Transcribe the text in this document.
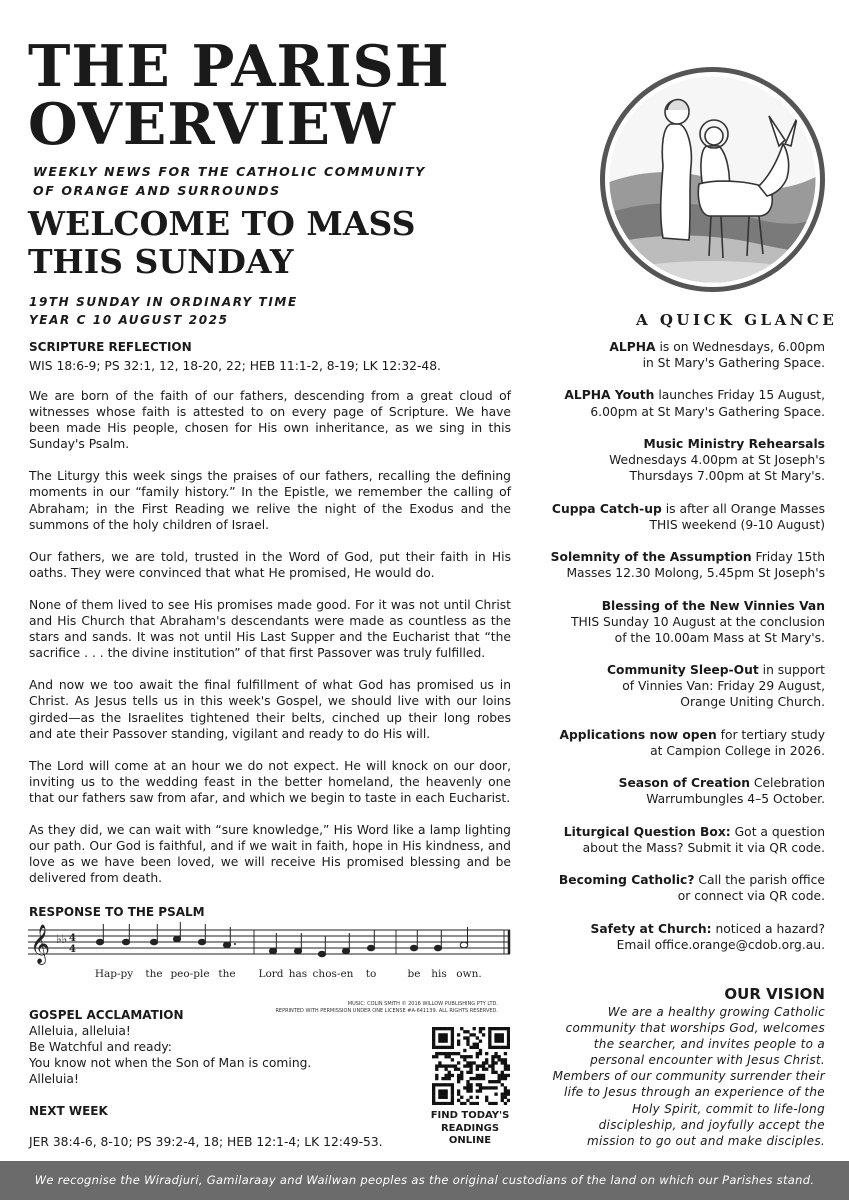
THE PARISH
OVERVIEW
WEEKLY NEWS FOR THE CATHOLIC COMMUNITY
OF ORANGE AND SURROUNDS
WELCOME TO MASS
THIS SUNDAY
19TH SUNDAY IN ORDINARY TIME
YEAR C 10 AUGUST 2025
SCRIPTURE REFLECTION
WIS 18:6-9; PS 32:1, 12, 18-20, 22; HEB 11:1-2, 8-19; LK 12:32-48.

We are born of the faith of our fathers, descending from a great cloud of witnesses whose faith is attested to on every page of Scripture. We have been made His people, chosen for His own inheritance, as we sing in this Sunday's Psalm.

The Liturgy this week sings the praises of our fathers, recalling the defining moments in our “family history.” In the Epistle, we remember the calling of Abraham; in the First Reading we relive the night of the Exodus and the summons of the holy children of Israel.

Our fathers, we are told, trusted in the Word of God, put their faith in His oaths. They were convinced that what He promised, He would do.

None of them lived to see His promises made good. For it was not until Christ and His Church that Abraham's descendants were made as countless as the stars and sands. It was not until His Last Supper and the Eucharist that “the sacrifice . . . the divine institution” of that first Passover was truly fulfilled.

And now we too await the final fulfillment of what God has promised us in Christ. As Jesus tells us in this week's Gospel, we should live with our loins girded—as the Israelites tightened their belts, cinched up their long robes and ate their Passover standing, vigilant and ready to do His will.

The Lord will come at an hour we do not expect. He will knock on our door, inviting us to the wedding feast in the better homeland, the heavenly one that our fathers saw from afar, and which we begin to taste in each Eucharist.

As they did, we can wait with “sure knowledge,” His Word like a lamp lighting our path. Our God is faithful, and if we wait in faith, hope in His kindness, and love as we have been loved, we will receive His promised blessing and be delivered from death.

RESPONSE TO THE PSALM
𝄞 ♭♭ 4
4
Hap-py the peo-ple the Lord has chos-en to	be his own.
MUSIC: COLIN SMITH © 2016 WILLOW PUBLISHING PTY LTD.
REPRINTED WITH PERMISSION UNDER ONE LICENSE #A-641139. ALL RIGHTS RESERVED.
GOSPEL ACCLAMATION
Alleluia, alleluia!
Be Watchful and ready:
You know not when the Son of Man is coming.
Alleluia!
NEXT WEEK
JER 38:4-6, 8-10; PS 39:2-4, 18; HEB 12:1-4; LK 12:49-53.
FIND TODAY'S
READINGS
ONLINE
A QUICK GLANCE
ALPHA is on Wednesdays, 6.00pm
in St Mary's Gathering Space.
ALPHA Youth launches Friday 15 August,
6.00pm at St Mary's Gathering Space.
Music Ministry Rehearsals
Wednesdays 4.00pm at St Joseph's
Thursdays 7.00pm at St Mary's.
Cuppa Catch-up is after all Orange Masses
THIS weekend (9-10 August)
Solemnity of the Assumption Friday 15th
Masses 12.30 Molong, 5.45pm St Joseph's
Blessing of the New Vinnies Van
THIS Sunday 10 August at the conclusion
of the 10.00am Mass at St Mary's.
Community Sleep-Out in support
of Vinnies Van: Friday 29 August,
Orange Uniting Church.
Applications now open for tertiary study
at Campion College in 2026.
Season of Creation Celebration
Warrumbungles 4–5 October.
Liturgical Question Box: Got a question
about the Mass? Submit it via QR code.
Becoming Catholic? Call the parish office
or connect via QR code.
Safety at Church: noticed a hazard?
Email office.orange@cdob.org.au.
OUR VISION
We are a healthy growing Catholic community that worships God, welcomes the searcher, and invites people to a personal encounter with Jesus Christ. Members of our community surrender their life to Jesus through an experience of the Holy Spirit, commit to life-long discipleship, and joyfully accept the mission to go out and make disciples.
We recognise the Wiradjuri, Gamilaraay and Wailwan peoples as the original custodians of the land on which our Parishes stand.
